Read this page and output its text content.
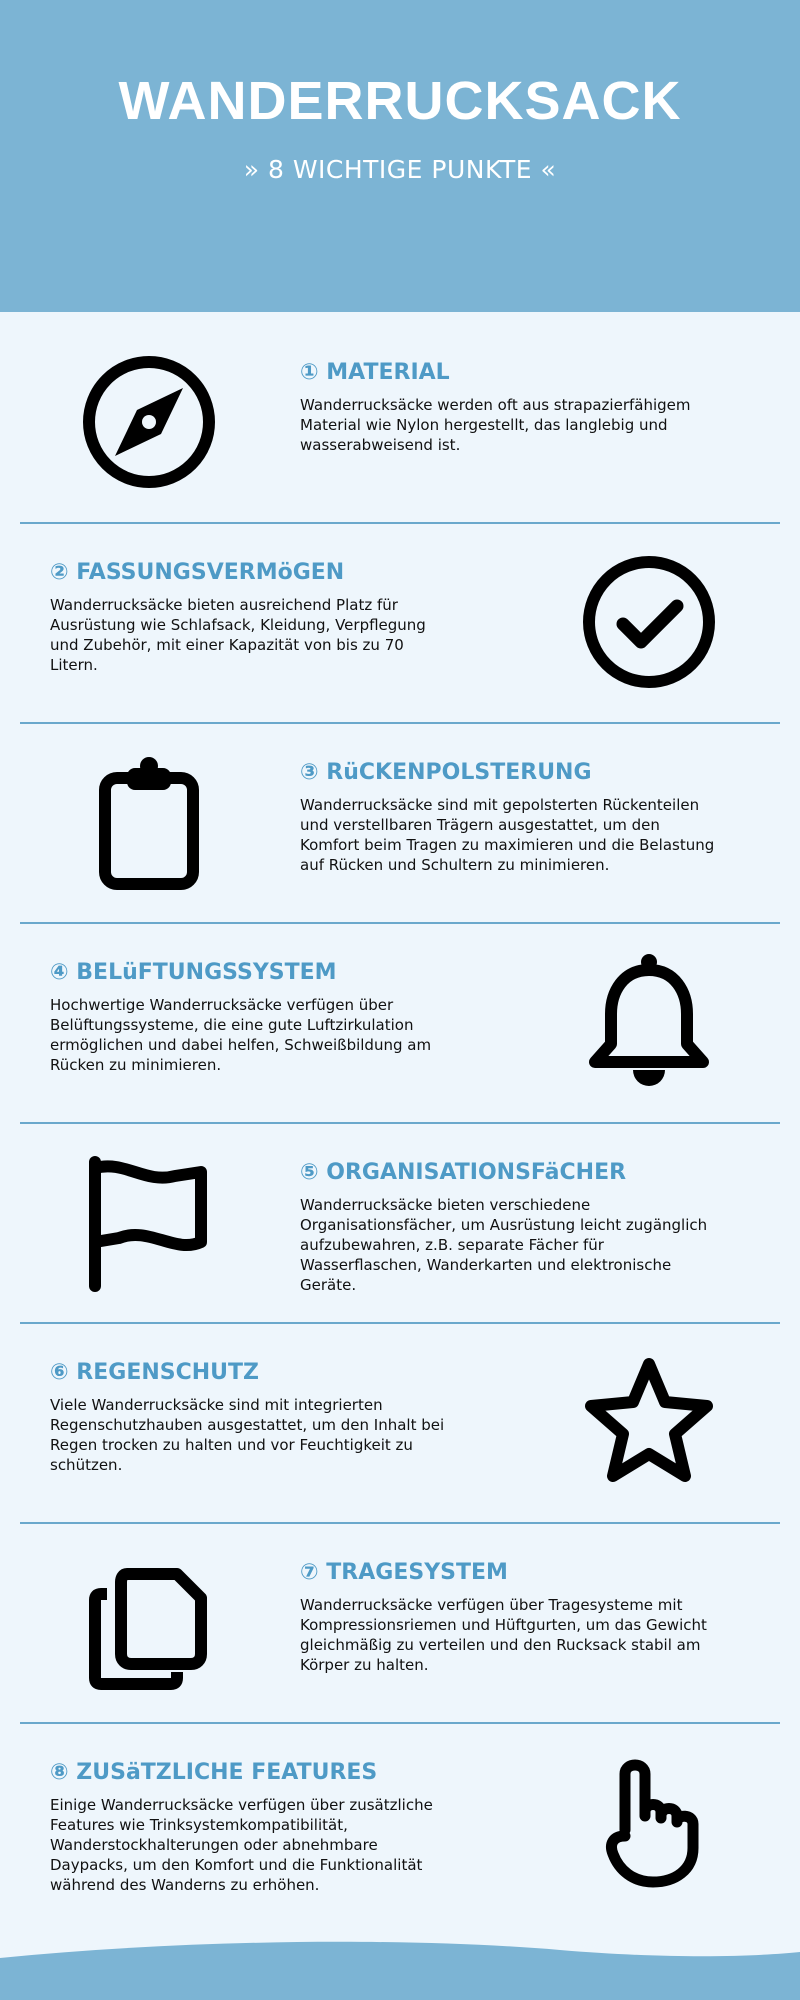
WANDERRUCKSACK
» 8 WICHTIGE PUNKTE «
① MATERIAL

Wanderrucksäcke werden oft aus strapazierfähigem Material wie Nylon hergestellt, das langlebig und wasserabweisend ist.

② FASSUNGSVERMöGEN

Wanderrucksäcke bieten ausreichend Platz für Ausrüstung wie Schlafsack, Kleidung, Verpflegung und Zubehör, mit einer Kapazität von bis zu 70 Litern.

③ RüCKENPOLSTERUNG

Wanderrucksäcke sind mit gepolsterten Rückenteilen und verstellbaren Trägern ausgestattet, um den Komfort beim Tragen zu maximieren und die Belastung auf Rücken und Schultern zu minimieren.

④ BELüFTUNGSSYSTEM

Hochwertige Wanderrucksäcke verfügen über Belüftungssysteme, die eine gute Luftzirkulation ermöglichen und dabei helfen, Schweißbildung am Rücken zu minimieren.

⑤ ORGANISATIONSFäCHER

Wanderrucksäcke bieten verschiedene Organisationsfächer, um Ausrüstung leicht zugänglich aufzubewahren, z.B. separate Fächer für Wasserflaschen, Wanderkarten und elektronische Geräte.

⑥ REGENSCHUTZ

Viele Wanderrucksäcke sind mit integrierten Regenschutzhauben ausgestattet, um den Inhalt bei Regen trocken zu halten und vor Feuchtigkeit zu schützen.

⑦ TRAGESYSTEM

Wanderrucksäcke verfügen über Tragesysteme mit Kompressionsriemen und Hüftgurten, um das Gewicht gleichmäßig zu verteilen und den Rucksack stabil am Körper zu halten.

⑧ ZUSäTZLICHE FEATURES

Einige Wanderrucksäcke verfügen über zusätzliche Features wie Trinksystemkompatibilität, Wanderstockhalterungen oder abnehmbare Daypacks, um den Komfort und die Funktionalität während des Wanderns zu erhöhen.
